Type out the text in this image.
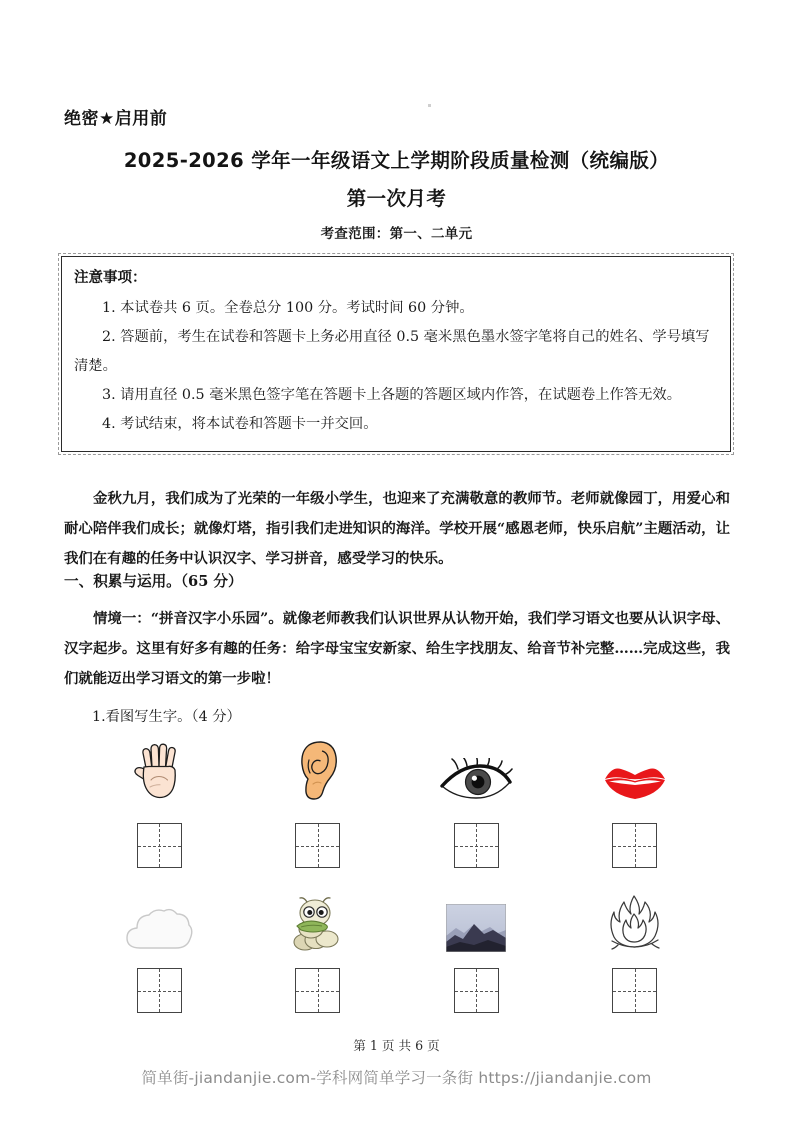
绝密★启用前
2025-2026 学年一年级语文上学期阶段质量检测（统编版）
第一次月考
考查范围：第一、二单元
注意事项：
1. 本试卷共 6 页。全卷总分 100 分。考试时间 60 分钟。
2. 答题前，考生在试卷和答题卡上务必用直径 0.5 毫米黑色墨水签字笔将自己的姓名、学号填写清楚。
3. 请用直径 0.5 毫米黑色签字笔在答题卡上各题的答题区域内作答，在试题卷上作答无效。
4. 考试结束，将本试卷和答题卡一并交回。
金秋九月，我们成为了光荣的一年级小学生，也迎来了充满敬意的教师节。老师就像园丁，用爱心和耐心陪伴我们成长；就像灯塔，指引我们走进知识的海洋。学校开展“感恩老师，快乐启航”主题活动，让我们在有趣的任务中认识汉字、学习拼音，感受学习的快乐。
一、积累与运用。（65 分）
情境一：“拼音汉字小乐园”。就像老师教我们认识世界从认物开始，我们学习语文也要从认识字母、汉字起步。这里有好多有趣的任务：给字母宝宝安新家、给生字找朋友、给音节补完整……完成这些，我们就能迈出学习语文的第一步啦！
1.看图写生字。（4 分）
第 1 页 共 6 页
简单街-jiandanjie.com-学科网简单学习一条街 https://jiandanjie.com
